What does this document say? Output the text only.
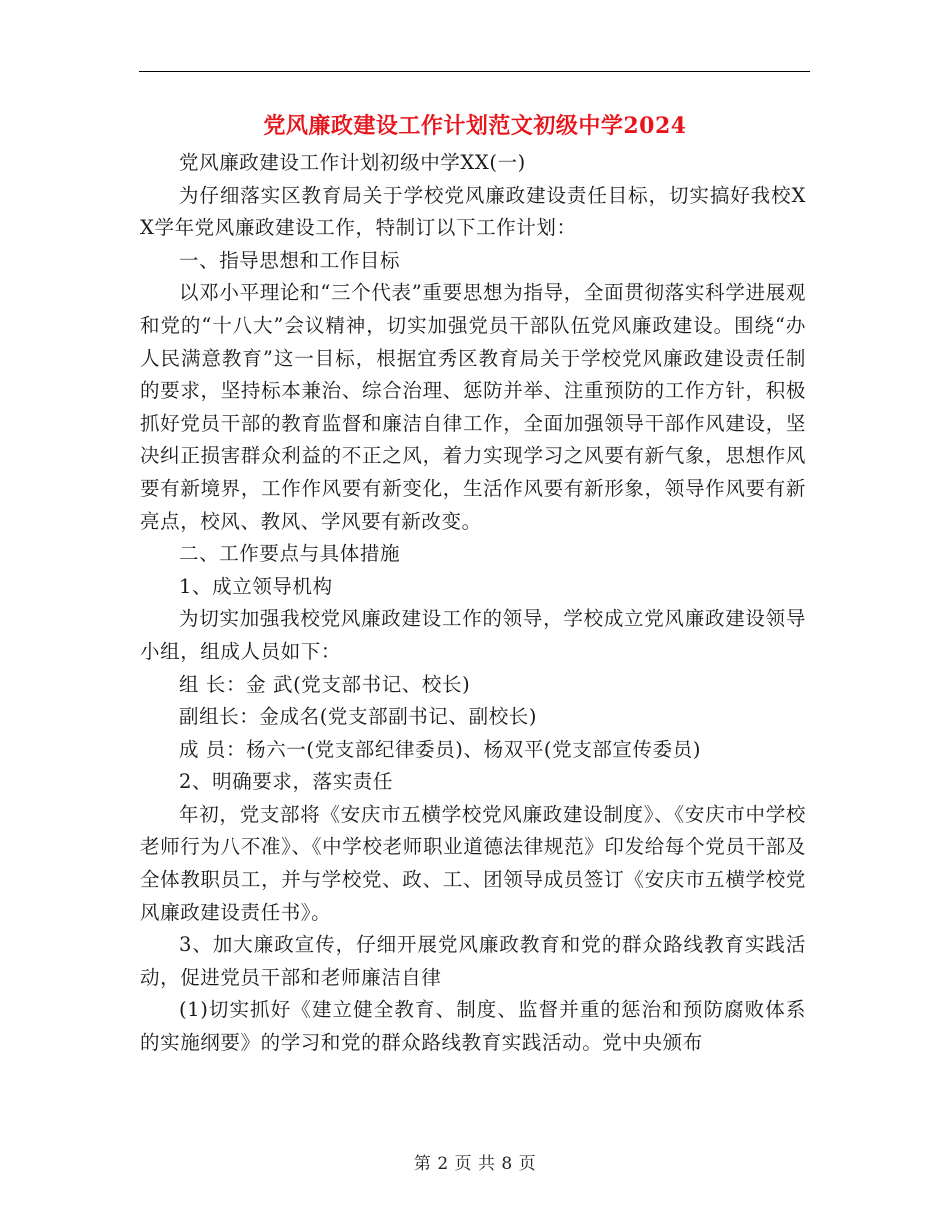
党风廉政建设工作计划范文初级中学2024

党风廉政建设工作计划初级中学XX(一)

为仔细落实区教育局关于学校党风廉政建设责任目标，切实搞好我校XX学年党风廉政建设工作，特制订以下工作计划：

一、指导思想和工作目标

以邓小平理论和“三个代表”重要思想为指导，全面贯彻落实科学进展观和党的“十八大”会议精神，切实加强党员干部队伍党风廉政建设。围绕“办人民满意教育”这一目标，根据宜秀区教育局关于学校党风廉政建设责任制的要求，坚持标本兼治、综合治理、惩防并举、注重预防的工作方针，积极抓好党员干部的教育监督和廉洁自律工作，全面加强领导干部作风建设，坚决纠正损害群众利益的不正之风，着力实现学习之风要有新气象，思想作风要有新境界，工作作风要有新变化，生活作风要有新形象，领导作风要有新亮点，校风、教风、学风要有新改变。

二、工作要点与具体措施

1、成立领导机构

为切实加强我校党风廉政建设工作的领导，学校成立党风廉政建设领导小组，组成人员如下：

组 长：金 武(党支部书记、校长)

副组长：金成名(党支部副书记、副校长)

成 员：杨六一(党支部纪律委员)、杨双平(党支部宣传委员)

2、明确要求，落实责任

年初，党支部将《安庆市五横学校党风廉政建设制度》、《安庆市中学校老师行为八不准》、《中学校老师职业道德法律规范》印发给每个党员干部及全体教职员工，并与学校党、政、工、团领导成员签订《安庆市五横学校党风廉政建设责任书》。

3、加大廉政宣传，仔细开展党风廉政教育和党的群众路线教育实践活动，促进党员干部和老师廉洁自律

(1)切实抓好《建立健全教育、制度、监督并重的惩治和预防腐败体系的实施纲要》的学习和党的群众路线教育实践活动。党中央颁布

第 2 页 共 8 页
